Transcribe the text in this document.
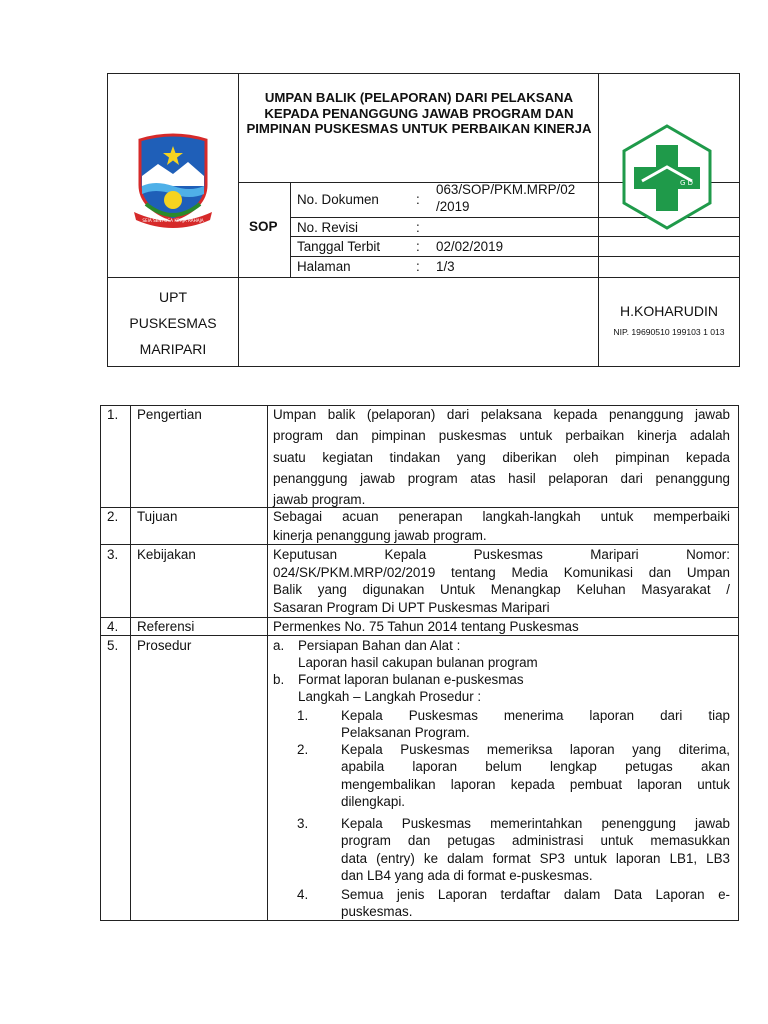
SEIA SENTOSA KERJA RAHAJA
UMPAN BALIK (PELAPORAN) DARI PELAKSANA KEPADA PENANGGUNG JAWAB PROGRAM DAN PIMPINAN PUSKESMAS UNTUK PERBAIKAN KINERJA
SOP
No. Dokumen	:
063/SOP/PKM.MRP/02
/2019
No. Revisi	:
Tanggal Terbit	: 02/02/2019
Halaman	: 1/3
G D
UPT
PUSKESMAS
MARIPARI
H.KOHARUDIN
NIP. 19690510 199103 1 013
1. Pengertian	Umpan balik (pelaporan) dari pelaksana kepada penanggung jawab
program dan pimpinan puskesmas untuk perbaikan kinerja adalah
suatu kegiatan tindakan yang diberikan oleh pimpinan kepada
penanggung jawab program atas hasil pelaporan dari penanggung
jawab program.
2. Tujuan	Sebagai acuan penerapan langkah-langkah untuk memperbaiki
kinerja penanggung jawab program.
3. Kebijakan	Keputusan Kepala Puskesmas Maripari Nomor:
024/SK/PKM.MRP/02/2019 tentang Media Komunikasi dan Umpan
Balik yang digunakan Untuk Menangkap Keluhan Masyarakat /
Sasaran Program Di UPT Puskesmas Maripari
4. Referensi	Permenkes No. 75 Tahun 2014 tentang Puskesmas
5. Prosedur	a. Persiapan Bahan dan Alat :
Laporan hasil cakupan bulanan program
b. Format laporan bulanan e-puskesmas
Langkah – Langkah Prosedur :
1. Kepala Puskesmas menerima laporan dari tiap
Pelaksanan Program.
2. Kepala Puskesmas memeriksa laporan yang diterima,
apabila laporan belum lengkap petugas akan
mengembalikan laporan kepada pembuat laporan untuk
dilengkapi.
3. Kepala Puskesmas memerintahkan penenggung jawab
program dan petugas administrasi untuk memasukkan
data (entry) ke dalam format SP3 untuk laporan LB1, LB3
dan LB4 yang ada di format e-puskesmas.
4. Semua jenis Laporan terdaftar dalam Data Laporan e-
puskesmas.
